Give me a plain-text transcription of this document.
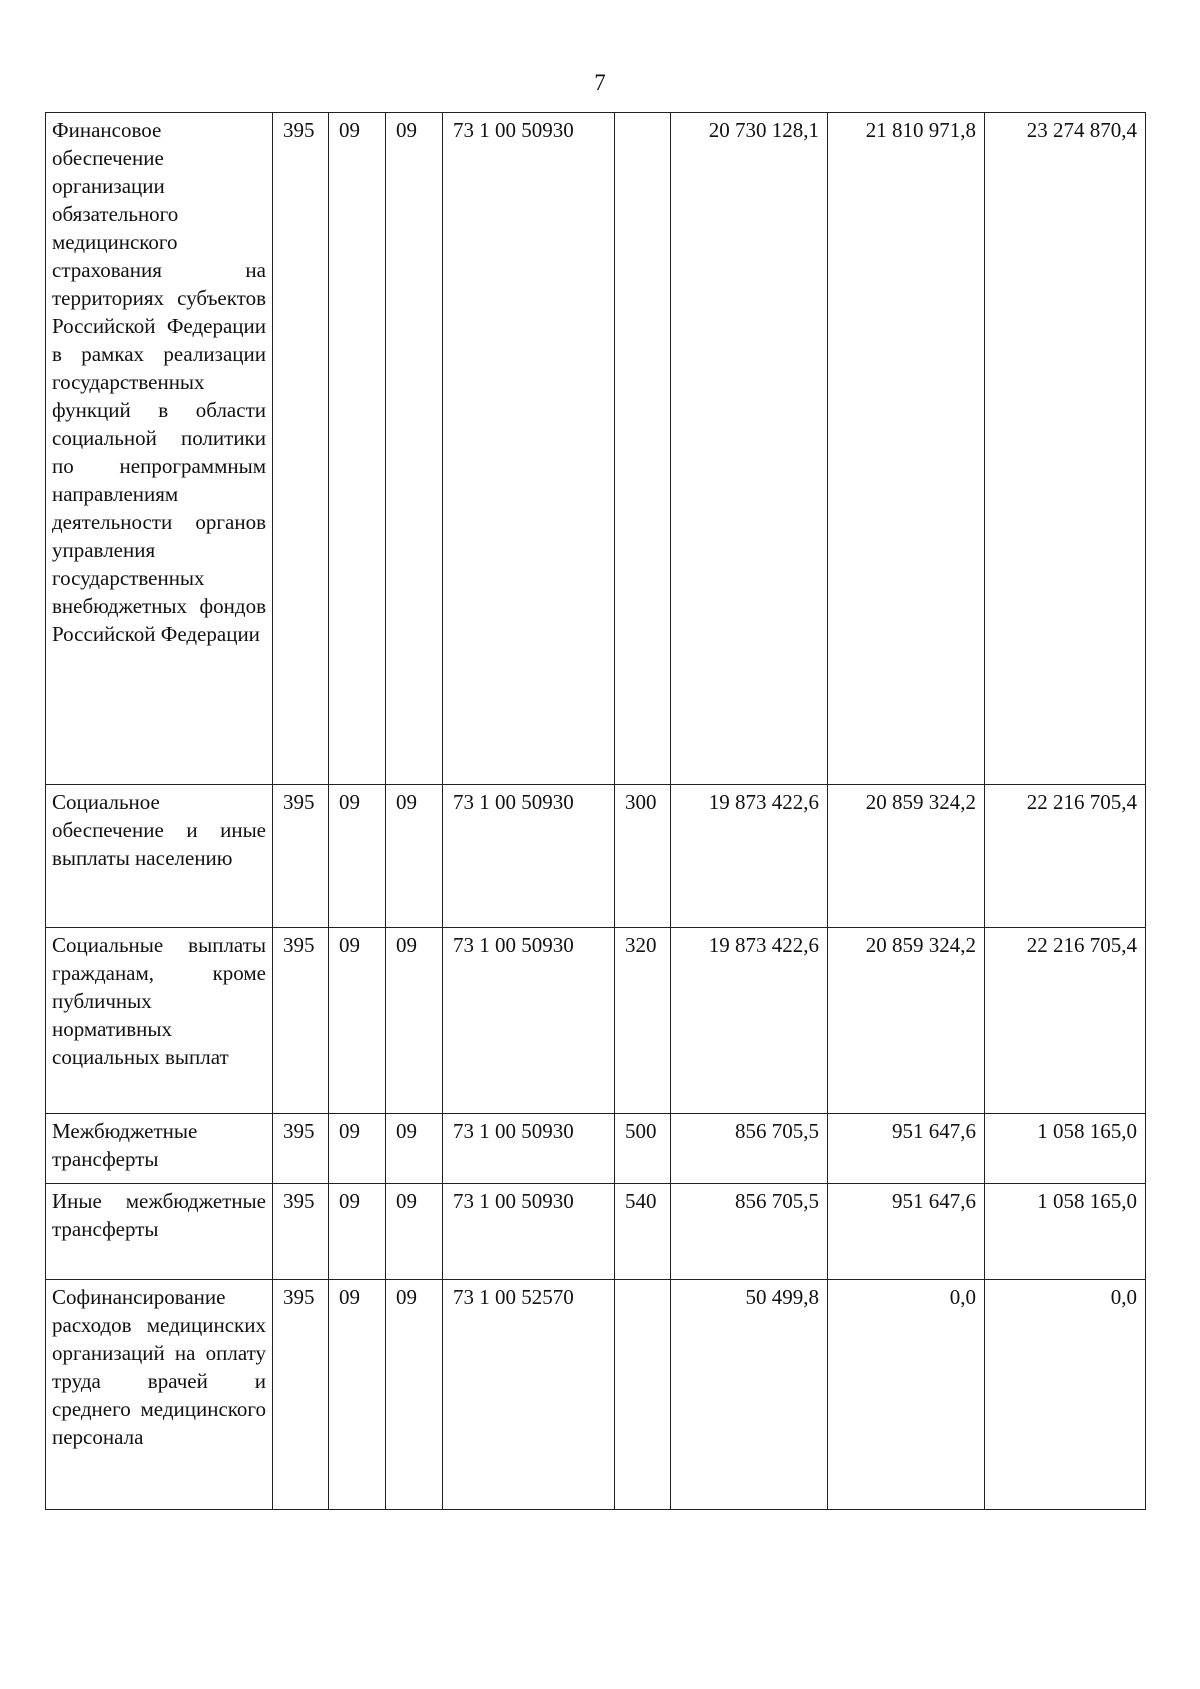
7
Финансовое обеспечение организации обязательного медицинского страхования на территориях субъектов Российской Федерации в рамках реализации государственных функций в области социальной политики по непрограммным направлениям деятельности органов управления государственных внебюджетных фондов Российской Федерации	395	09	09	73 1 00 50930		20 730 128,1	21 810 971,8	23 274 870,4
Социальное обеспечение и иные выплаты населению	395	09	09	73 1 00 50930	300	19 873 422,6	20 859 324,2	22 216 705,4
Социальные выплаты гражданам, кроме публичных нормативных социальных выплат	395	09	09	73 1 00 50930	320	19 873 422,6	20 859 324,2	22 216 705,4
Межбюджетные трансферты	395	09	09	73 1 00 50930	500	856 705,5	951 647,6	1 058 165,0
Иные межбюджетные трансферты	395	09	09	73 1 00 50930	540	856 705,5	951 647,6	1 058 165,0
Софинансирование расходов медицинских организаций на оплату труда врачей и среднего медицинского персонала	395	09	09	73 1 00 52570		50 499,8	0,0	0,0
